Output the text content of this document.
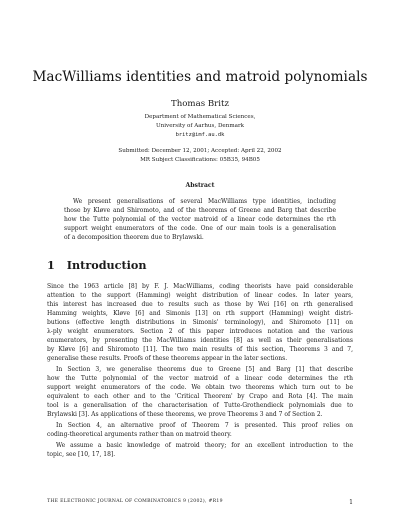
MacWilliams identities and matroid polynomials
Thomas Britz
Department of Mathematical Sciences,
University of Aarhus, Denmark
britz@imf.au.dk
Submitted: December 12, 2001; Accepted: April 22, 2002
MR Subject Classifications: 05B35, 94B05
Abstract
We present generalisations of several MacWilliams type identities, including
those by Kløve and Shiromoto, and of the theorems of Greene and Barg that describe
how the Tutte polynomial of the vector matroid of a linear code determines the rth
support weight enumerators of the code. One of our main tools is a generalisation
of a decomposition theorem due to Brylawski.
1 Introduction
Since the 1963 article [8] by F. J. MacWilliams, coding theorists have paid considerable
attention to the support (Hamming) weight distribution of linear codes. In later years,
this interest has increased due to results such as those by Wei [16] on rth generalised
Hamming weights, Kløve [6] and Simonis [13] on rth support (Hamming) weight distri-
butions (effective length distributions in Simonis' terminology), and Shiromoto [11] on
λ-ply weight enumerators. Section 2 of this paper introduces notation and the various
enumerators, by presenting the MacWilliams identities [8] as well as their generalisations
by Kløve [6] and Shiromoto [11]. The two main results of this section, Theorems 3 and 7,
generalise these results. Proofs of these theorems appear in the later sections.
In Section 3, we generalise theorems due to Greene [5] and Barg [1] that describe
how the Tutte polynomial of the vector matroid of a linear code determines the rth
support weight enumerators of the code. We obtain two theorems which turn out to be
equivalent to each other and to the 'Critical Theorem' by Crapo and Rota [4]. The main
tool is a generalisation of the characterisation of Tutte-Grothendieck polynomials due to
Brylawski [3]. As applications of these theorems, we prove Theorems 3 and 7 of Section 2.
In Section 4, an alternative proof of Theorem 7 is presented. This proof relies on
coding-theoretical arguments rather than on matroid theory.
We assume a basic knowledge of matroid theory; for an excellent introduction to the
topic, see [10, 17, 18].
THE ELECTRONIC JOURNAL OF COMBINATORICS 9 (2002), #R19	1
